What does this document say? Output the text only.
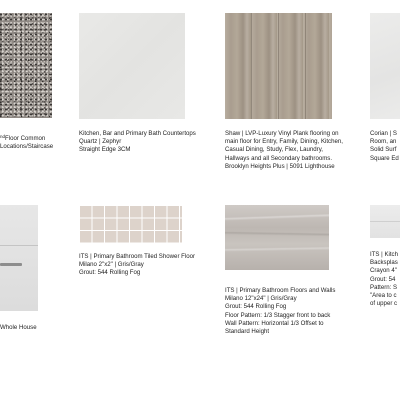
$^{nd}$Floor Common
Locations/Staircase

Kitchen, Bar and Primary Bath Countertops
Quartz | Zephyr
Straight Edge 3CM
Shaw | LVP-Luxury Vinyl Plank flooring on
main floor for Entry, Family, Dining, Kitchen,
Casual Dining, Study, Flex, Laundry,
Hallways and all Secondary bathrooms.
Brooklyn Heights Plus | 5091 Lighthouse
Corian | S
Room, an
Solid Surf
Square Ed
Whole House
ITS | Primary Bathroom Tiled Shower Floor
Milano 2"x2" | Gris/Gray
Grout: 544 Rolling Fog
ITS | Primary Bathroom Floors and Walls
Milano 12"x24" | Gris/Gray
Grout: 544 Rolling Fog
Floor Pattern: 1/3 Stagger front to back
Wall Pattern: Horizontal 1/3 Offset to
Standard Height
ITS | Kitch
Backsplas
Crayon 4"
Grout: 54
Pattern: S
"Area to c
of upper c
